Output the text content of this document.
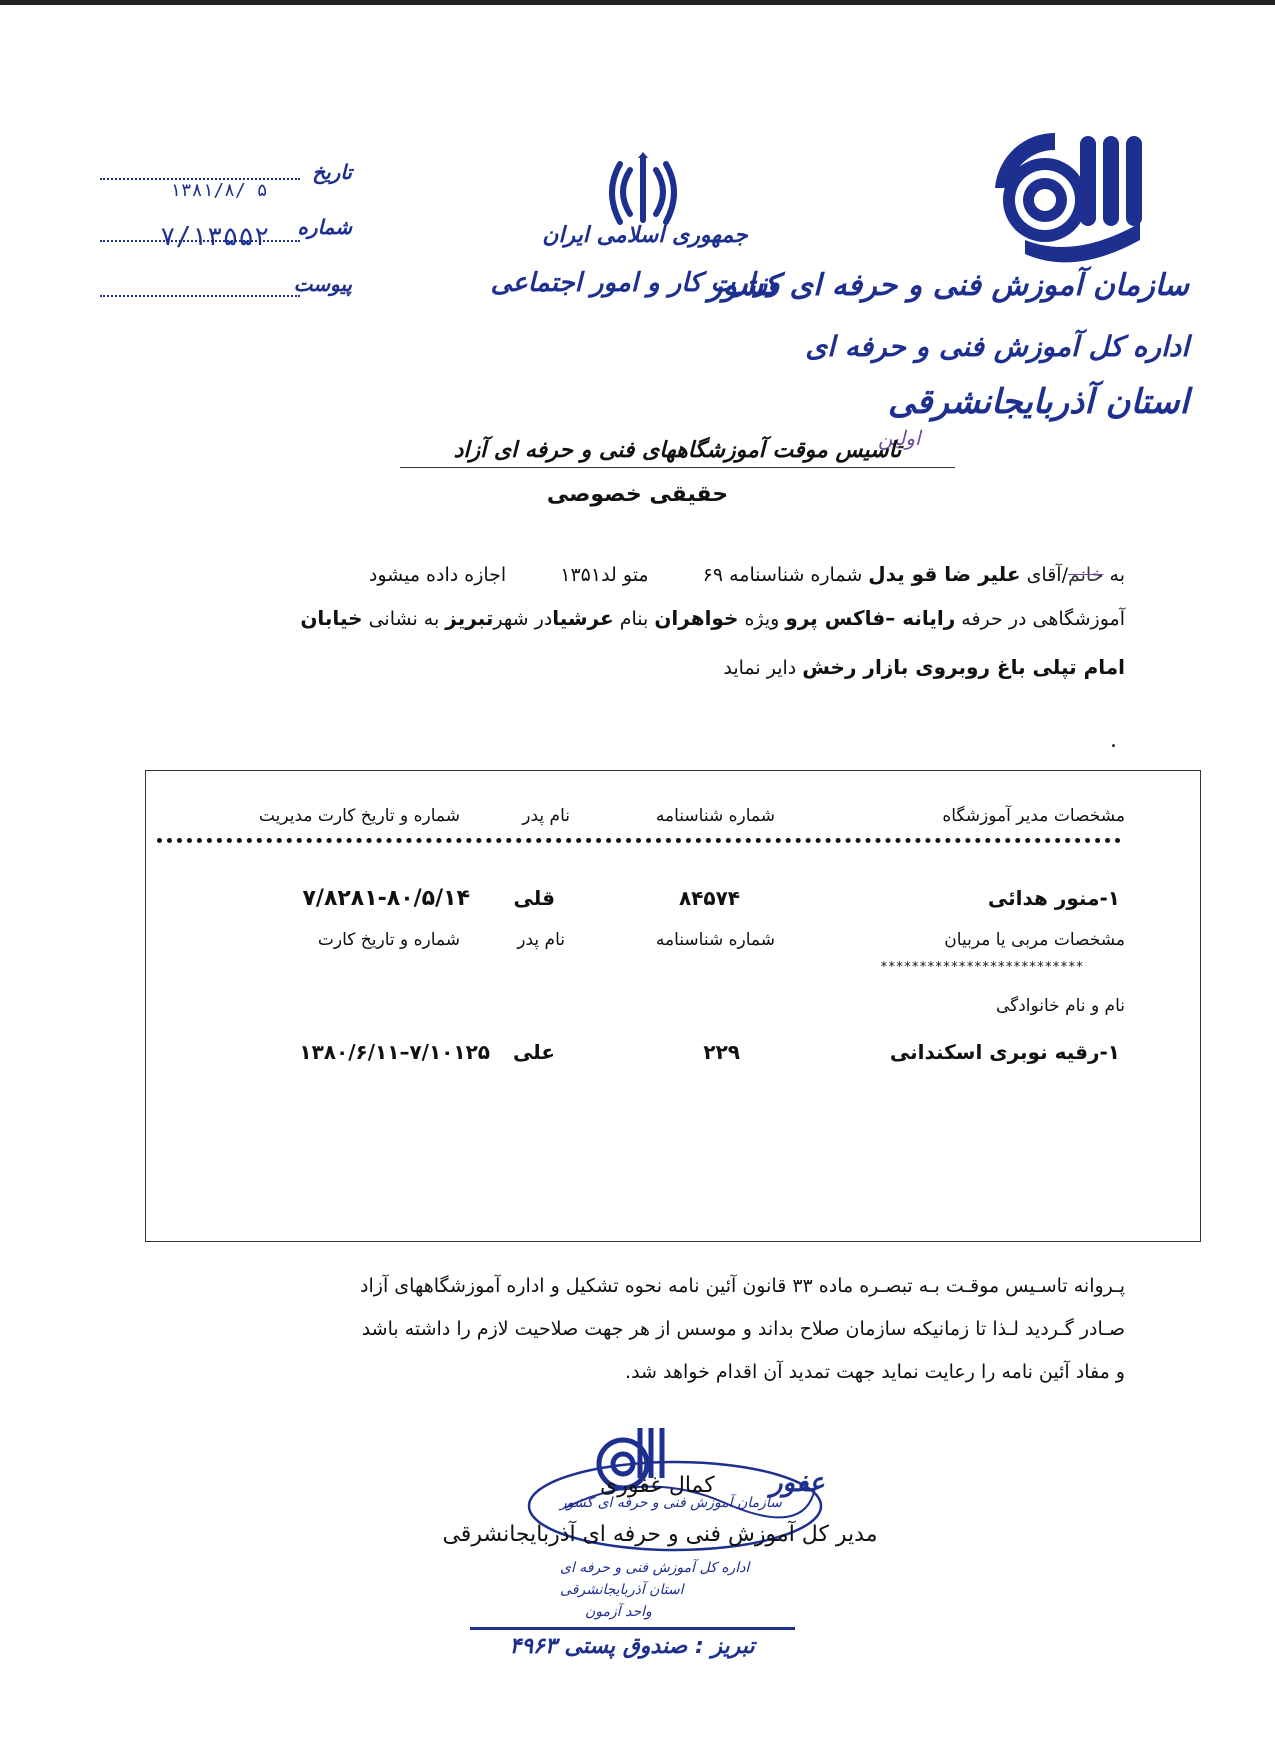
سازمان آموزش فنی و حرفه ای کشور
اداره کل آموزش فنی و حرفه ای
استان آذربایجانشرقی
جمهوری اسلامی ایران
وزارت کار و امور اجتماعی
تاریخ
۱۳۸۱/۸/ ۵
شماره
۷/۱۳۵۵۲
پیوست
اولین
تاسیس موقت آموزشگاههای فنی و حرفه ای آزاد
حقیقی خصوصی
به خانم/آقای علیر ضا قو یدل شماره شناسنامه ۶۹ متو لد۱۳۵۱ اجازه داده میشود
آموزشگاهی در حرفه رایانه –فاکس پرو ویژه خواهران بنام عرشیادر شهرتبریز به نشانی خیابان
امام تپلی باغ روبروی بازار رخش دایر نماید
.
مشخصات مدیر آموزشگاه
شماره شناسنامه
نام پدر
شماره و تاریخ کارت مدیریت
۱-منور هدائی
۸۴۵۷۴
قلی
۷/۸۲۸۱-۸۰/۵/۱۴
مشخصات مربی یا مربیان
شماره شناسنامه
نام پدر
شماره و تاریخ کارت
**************************
نام و نام خانوادگی
۱-رقیه نوبری اسکندانی
۲۲۹
علی
۷/۱۰۱۲۵–۱۳۸۰/۶/۱۱
پـروانه تاسـیس موقـت بـه تبصـره ماده ۳۳ قانون آئین نامه نحوه تشکیل و اداره آموزشگاههای آزاد
صـادر گـردید لـذا تا زمانیکه سازمان صلاح بداند و موسس از هر جهت صلاحیت لازم را داشته باشد
و مفاد آئین نامه را رعایت نماید جهت تمدید آن اقدام خواهد شد.
سازمان آموزش فنی و حرفه ای کشور
اداره کل آموزش فنی و حرفه ای
استان آذربایجانشرقی
واحد آزمون
کمال غفوری عفور
مدیر کل آموزش فنی و حرفه ای آذربایجانشرقی
تبریز : صندوق پستی ۴۹۶۳
